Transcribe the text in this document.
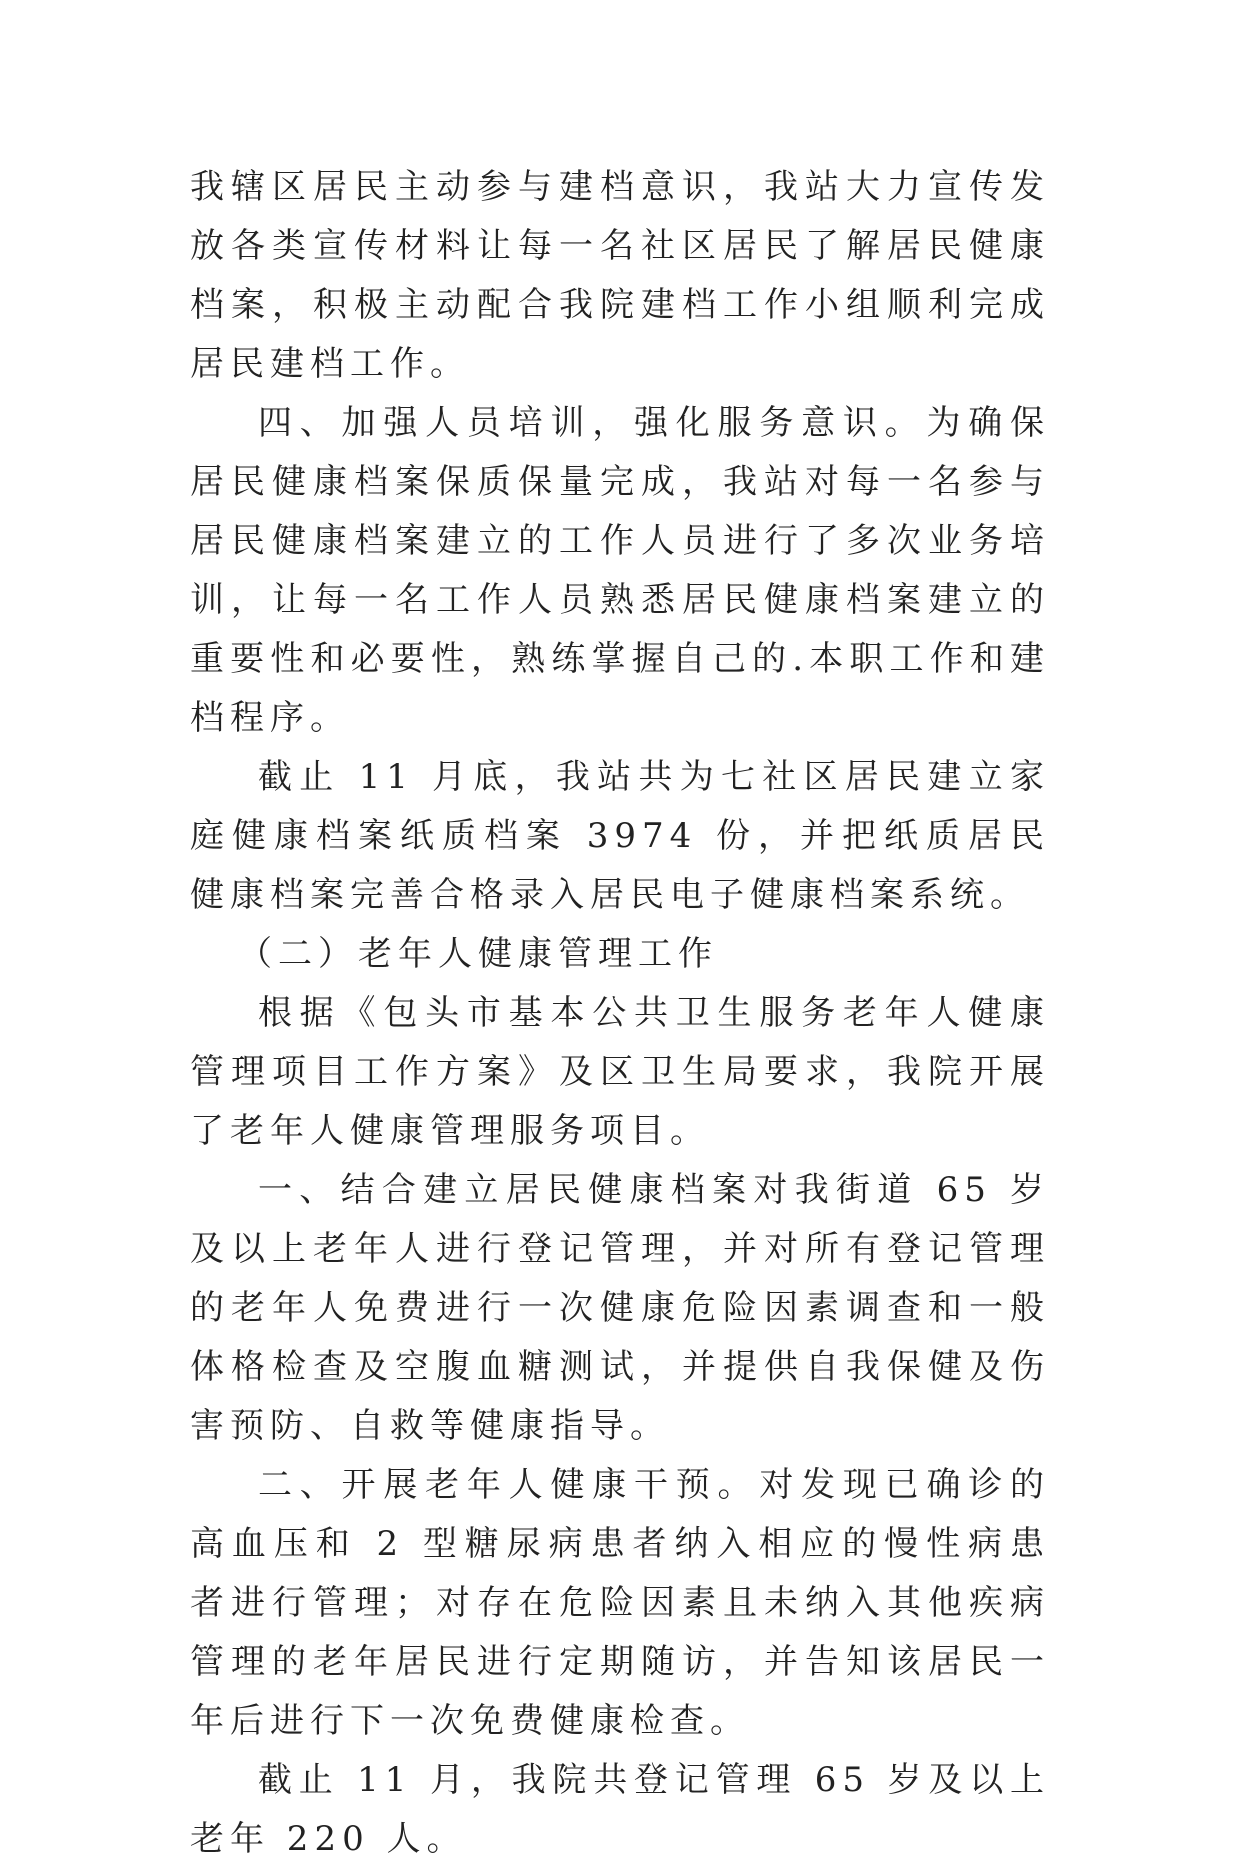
我辖区居民主动参与建档意识，我站大力宣传发放各类宣传材料让每一名社区居民了解居民健康档案，积极主动配合我院建档工作小组顺利完成居民建档工作。

四、加强人员培训，强化服务意识。为确保居民健康档案保质保量完成，我站对每一名参与居民健康档案建立的工作人员进行了多次业务培训，让每一名工作人员熟悉居民健康档案建立的重要性和必要性，熟练掌握自己的.本职工作和建档程序。

截止 11 月底，我站共为七社区居民建立家庭健康档案纸质档案 3974 份，并把纸质居民健康档案完善合格录入居民电子健康档案系统。

（二）老年人健康管理工作

根据《包头市基本公共卫生服务老年人健康管理项目工作方案》及区卫生局要求，我院开展了老年人健康管理服务项目。

一、结合建立居民健康档案对我街道 65 岁及以上老年人进行登记管理，并对所有登记管理的老年人免费进行一次健康危险因素调查和一般体格检查及空腹血糖测试，并提供自我保健及伤害预防、自救等健康指导。

二、开展老年人健康干预。对发现已确诊的高血压和 2 型糖尿病患者纳入相应的慢性病患者进行管理；对存在危险因素且未纳入其他疾病管理的老年居民进行定期随访，并告知该居民一年后进行下一次免费健康检查。

截止 11 月，我院共登记管理 65 岁及以上老年 220 人。
